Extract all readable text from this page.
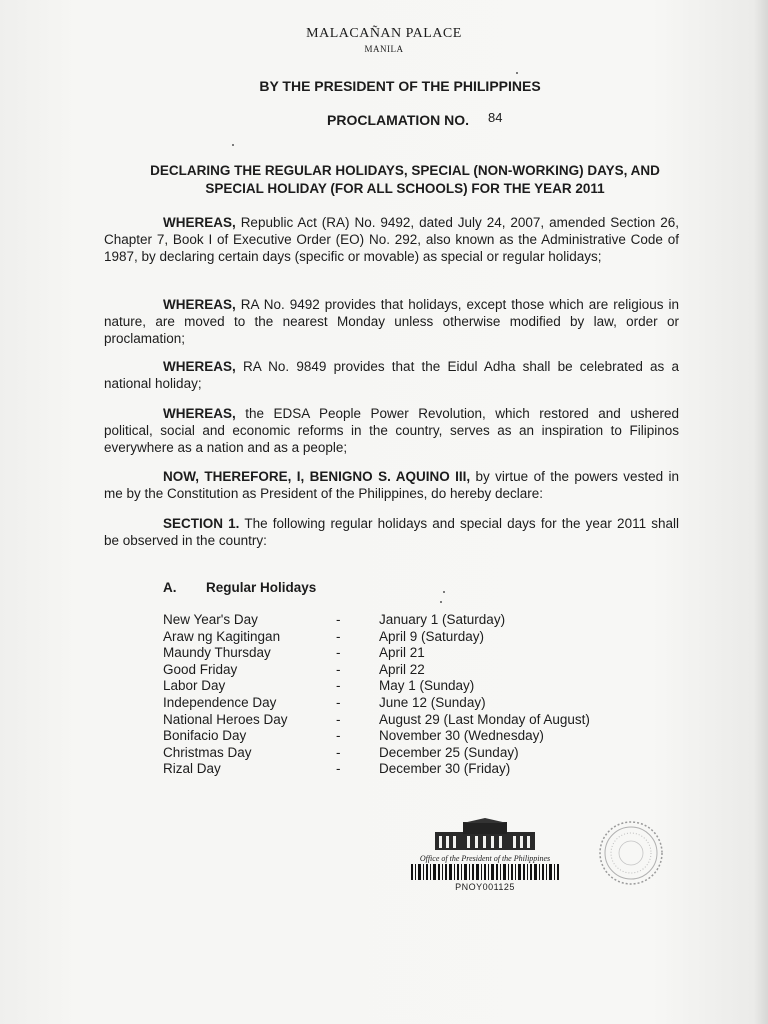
MALACAÑAN PALACE
MANILA
BY THE PRESIDENT OF THE PHILIPPINES
PROCLAMATION NO. 84
DECLARING THE REGULAR HOLIDAYS, SPECIAL (NON-WORKING) DAYS, AND SPECIAL HOLIDAY (FOR ALL SCHOOLS) FOR THE YEAR 2011
WHEREAS, Republic Act (RA) No. 9492, dated July 24, 2007, amended Section 26, Chapter 7, Book I of Executive Order (EO) No. 292, also known as the Administrative Code of 1987, by declaring certain days (specific or movable) as special or regular holidays;
WHEREAS, RA No. 9492 provides that holidays, except those which are religious in nature, are moved to the nearest Monday unless otherwise modified by law, order or proclamation;
WHEREAS, RA No. 9849 provides that the Eidul Adha shall be celebrated as a national holiday;
WHEREAS, the EDSA People Power Revolution, which restored and ushered political, social and economic reforms in the country, serves as an inspiration to Filipinos everywhere as a nation and as a people;
NOW, THEREFORE, I, BENIGNO S. AQUINO III, by virtue of the powers vested in me by the Constitution as President of the Philippines, do hereby declare:
SECTION 1. The following regular holidays and special days for the year 2011 shall be observed in the country:
A. Regular Holidays
New Year's Day	-	January 1 (Saturday)
Araw ng Kagitingan	-	April 9 (Saturday)
Maundy Thursday	-	April 21
Good Friday	-	April 22
Labor Day	-	May 1 (Sunday)
Independence Day	-	June 12 (Sunday)
National Heroes Day	-	August 29 (Last Monday of August)
Bonifacio Day	-	November 30 (Wednesday)
Christmas Day	-	December 25 (Sunday)
Rizal Day	-	December 30 (Friday)
Office of the President of the Philippines
PNOY001125
